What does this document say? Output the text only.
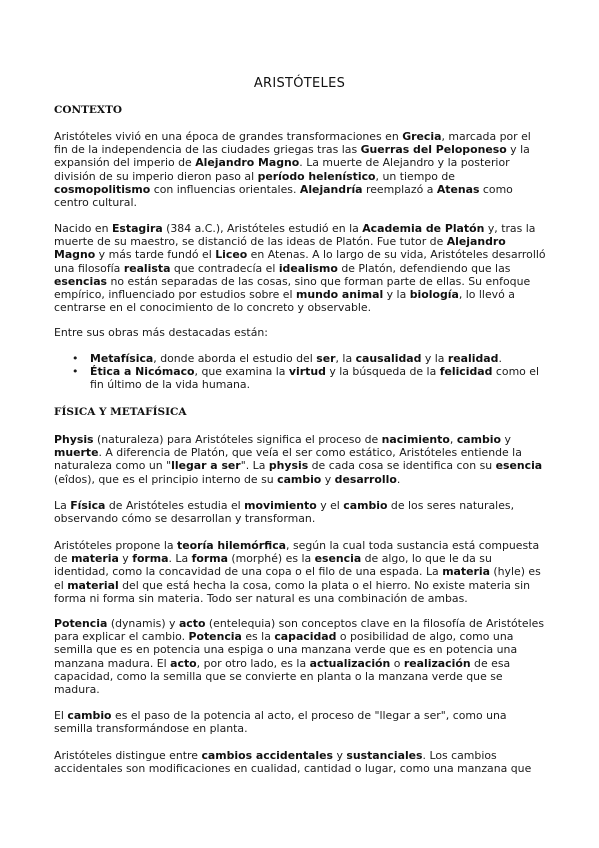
ARISTÓTELES
CONTEXTO

Aristóteles vivió en una época de grandes transformaciones en Grecia, marcada por el fin de la independencia de las ciudades griegas tras las Guerras del Peloponeso y la expansión del imperio de Alejandro Magno. La muerte de Alejandro y la posterior división de su imperio dieron paso al período helenístico, un tiempo de cosmopolitismo con influencias orientales. Alejandría reemplazó a Atenas como centro cultural.

Nacido en Estagira (384 a.C.), Aristóteles estudió en la Academia de Platón y, tras la muerte de su maestro, se distanció de las ideas de Platón. Fue tutor de Alejandro Magno y más tarde fundó el Liceo en Atenas. A lo largo de su vida, Aristóteles desarrolló una filosofía realista que contradecía el idealismo de Platón, defendiendo que las esencias no están separadas de las cosas, sino que forman parte de ellas. Su enfoque empírico, influenciado por estudios sobre el mundo animal y la biología, lo llevó a centrarse en el conocimiento de lo concreto y observable.

Entre sus obras más destacadas están:

• Metafísica, donde aborda el estudio del ser, la causalidad y la realidad.
• Ética a Nicómaco, que examina la virtud y la búsqueda de la felicidad como el fin último de la vida humana.
FÍSICA Y METAFÍSICA

Physis (naturaleza) para Aristóteles significa el proceso de nacimiento, cambio y muerte. A diferencia de Platón, que veía el ser como estático, Aristóteles entiende la naturaleza como un "llegar a ser". La physis de cada cosa se identifica con su esencia (eîdos), que es el principio interno de su cambio y desarrollo.

La Física de Aristóteles estudia el movimiento y el cambio de los seres naturales, observando cómo se desarrollan y transforman.

Aristóteles propone la teoría hilemórfica, según la cual toda sustancia está compuesta de materia y forma. La forma (morphé) es la esencia de algo, lo que le da su identidad, como la concavidad de una copa o el filo de una espada. La materia (hyle) es el material del que está hecha la cosa, como la plata o el hierro. No existe materia sin forma ni forma sin materia. Todo ser natural es una combinación de ambas.

Potencia (dynamis) y acto (entelequia) son conceptos clave en la filosofía de Aristóteles para explicar el cambio. Potencia es la capacidad o posibilidad de algo, como una semilla que es en potencia una espiga o una manzana verde que es en potencia una manzana madura. El acto, por otro lado, es la actualización o realización de esa capacidad, como la semilla que se convierte en planta o la manzana verde que se madura.

El cambio es el paso de la potencia al acto, el proceso de "llegar a ser", como una semilla transformándose en planta.

Aristóteles distingue entre cambios accidentales y sustanciales. Los cambios accidentales son modificaciones en cualidad, cantidad o lugar, como una manzana que
